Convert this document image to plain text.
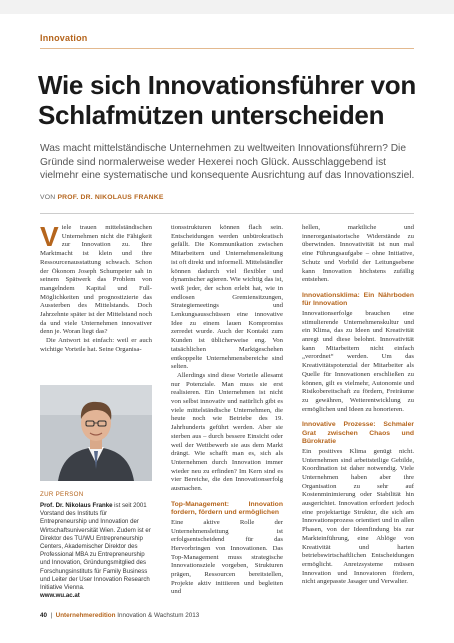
Innovation
Wie sich Innovationsführer von Schlafmützen unterscheiden

Was macht mittelständische Unternehmen zu weltweiten Innovationsführern? Die Gründe sind normalerweise weder Hexerei noch Glück. Ausschlaggebend ist vielmehr eine systematische und konsequente Ausrichtung auf das Innovationsziel.

VON PROF. DR. NIKOLAUS FRANKE

Viele trauen mittelständischen Unternehmen nicht die Fähigkeit zur Innovation zu. Ihre Marktmacht ist klein und ihre Ressourcenausstattung schwach. Schon der Ökonom Joseph Schumpeter sah in seinem Spätwerk das Problem von mangelndem Kapital und Full-Möglichkeiten und prognostizierte das Aussterben des Mittelstands. Doch Jahrzehnte später ist der Mittelstand noch da und viele Unternehmen innovativer denn je. Woran liegt das?

Die Antwort ist einfach: weil er auch wichtige Vorteile hat. Seine Organisa-

ZUR PERSON
Prof. Dr. Nikolaus Franke ist seit 2001 Vorstand des Instituts für Entrepreneurship und Innovation der Wirtschaftsuniversität Wien. Zudem ist er Direktor des TU/WU Entrepreneurship Centers, Akademischer Direktor des Professional MBA zu Entrepreneurship und Innovation, Gründungsmitglied des Forschungsinstituts für Family Business und Leiter der User Innovation Research Initiative Vienna.
www.wu.ac.at

tionsstrukturen können flach sein. Entscheidungen werden unbürokratisch gefällt. Die Kommunikation zwischen Mitarbeitern und Unternehmensleitung ist oft direkt und informell. Mittelständler können dadurch viel flexibler und dynamischer agieren. Wie wichtig das ist, weiß jeder, der schon erlebt hat, wie in endlosen Gremiensitzungen, Strategiemeetings und Lenkungsausschüssen eine innovative Idee zu einem lauen Kompromiss zerredet wurde. Auch der Kontakt zum Kunden ist üblicherweise eng. Von tatsächlichen Marktgeschehen entkoppelte Unternehmensbereiche sind selten.

Allerdings sind diese Vorteile allesamt nur Potenziale. Man muss sie erst realisieren. Ein Unternehmen ist nicht von selbst innovativ und natürlich gibt es viele mittelständische Unternehmen, die heute noch wie Betriebe des 19. Jahrhunderts geführt werden. Aber sie sterben aus – durch bessere Einsicht oder weil der Wettbewerb sie aus dem Markt drängt. Wie schafft man es, sich als Unternehmen durch Innovation immer wieder neu zu erfinden? Im Kern sind es vier Bereiche, die den Innovationserfolg ausmachen.

Top-Management: Innovation fordern, fördern und ermöglichen

Eine aktive Rolle der Unternehmensleitung ist erfolgsentscheidend für das Hervorbringen von Innovationen. Das Top-Management muss strategische Innovationsziele vorgeben, Strukturen prägen, Ressourcen bereitstellen, Projekte aktiv initiieren und begleiten und

hellen, marktliche und innerorganisatorische Widerstände zu überwinden. Innovativität ist nun mal eine Führungsaufgabe – ohne Initiative, Schutz und Vorbild der Leitungsebene kann Innovation höchstens zufällig entstehen.

Innovationsklima: Ein Nährboden für Innovation

Innovationserfolge brauchen eine stimulierende Unternehmenskultur und ein Klima, das zu Ideen und Kreativität anregt und diese belohnt. Innovativität kann Mitarbeitern nicht einfach „verordnet“ werden. Um das Kreativitätspotenzial der Mitarbeiter als Quelle für Innovationen erschließen zu können, gilt es vielmehr, Autonomie und Risikobereitschaft zu fördern, Freiräume zu gewähren, Weiterentwicklung zu ermöglichen und Ideen zu honorieren.

Innovative Prozesse: Schmaler Grat zwischen Chaos und Bürokratie

Ein positives Klima genügt nicht. Unternehmen sind arbeitsteilige Gebilde, Koordination ist daher notwendig. Viele Unternehmen haben aber ihre Organisation zu sehr auf Kostenminimierung oder Stabilität hin ausgerichtet. Innovation erfordert jedoch eine projektartige Struktur, die sich am Innovationsprozess orientiert und in allen Phasen, von der Ideenfindung bis zur Markteinführung, eine Ablöge von Kreativität und harten betriebswirtschaftlichen Entscheidungen ermöglicht. Anreizsysteme müssen Innovation und Innovatoren fördern, nicht angepasste Jasager und Verwalter.

40  |  Unternehmeredition Innovation & Wachstum 2013
